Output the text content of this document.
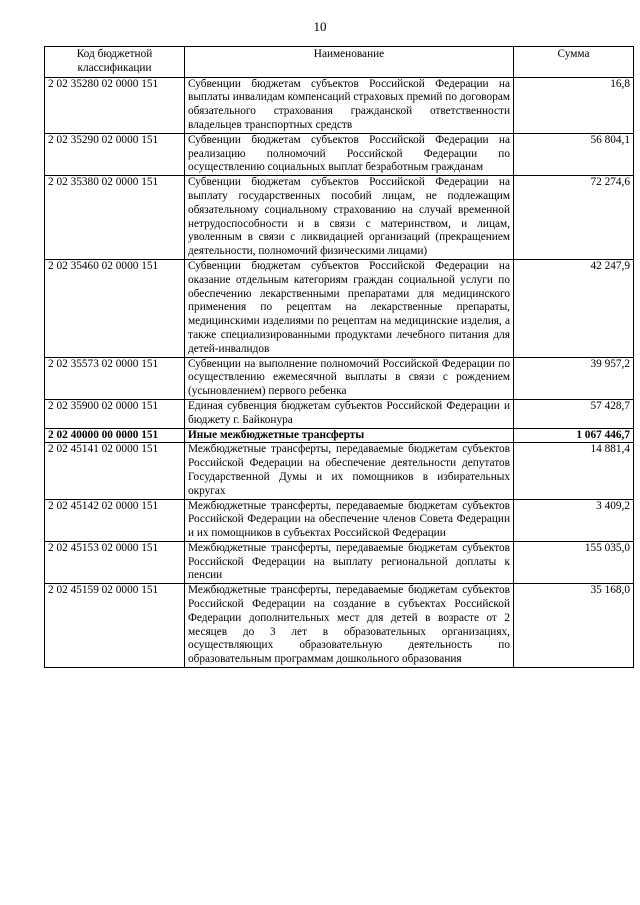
10
Код бюджетной классификации	Наименование	Сумма
2 02 35280 02 0000 151	Субвенции бюджетам субъектов Российской Федерации на выплаты инвалидам компенсаций страховых премий по договорам обязательного страхования гражданской ответственности владельцев транспортных средств	16,8
2 02 35290 02 0000 151	Субвенции бюджетам субъектов Российской Федерации на реализацию полномочий Российской Федерации по осуществлению социальных выплат безработным гражданам	56 804,1
2 02 35380 02 0000 151	Субвенции бюджетам субъектов Российской Федерации на выплату государственных пособий лицам, не подлежащим обязательному социальному страхованию на случай временной нетрудоспособности и в связи с материнством, и лицам, уволенным в связи с ликвидацией организаций (прекращением деятельности, полномочий физическими лицами)	72 274,6
2 02 35460 02 0000 151	Субвенции бюджетам субъектов Российской Федерации на оказание отдельным категориям граждан социальной услуги по обеспечению лекарственными препаратами для медицинского применения по рецептам на лекарственные препараты, медицинскими изделиями по рецептам на медицинские изделия, а также специализированными продуктами лечебного питания для детей-инвалидов	42 247,9
2 02 35573 02 0000 151	Субвенции на выполнение полномочий Российской Федерации по осуществлению ежемесячной выплаты в связи с рождением (усыновлением) первого ребенка	39 957,2
2 02 35900 02 0000 151	Единая субвенция бюджетам субъектов Российской Федерации и бюджету г. Байконура	57 428,7
2 02 40000 00 0000 151	Иные межбюджетные трансферты	1 067 446,7
2 02 45141 02 0000 151	Межбюджетные трансферты, передаваемые бюджетам субъектов Российской Федерации на обеспечение деятельности депутатов Государственной Думы и их помощников в избирательных округах	14 881,4
2 02 45142 02 0000 151	Межбюджетные трансферты, передаваемые бюджетам субъектов Российской Федерации на обеспечение членов Совета Федерации и их помощников в субъектах Российской Федерации	3 409,2
2 02 45153 02 0000 151	Межбюджетные трансферты, передаваемые бюджетам субъектов Российской Федерации на выплату региональной доплаты к пенсии	155 035,0
2 02 45159 02 0000 151	Межбюджетные трансферты, передаваемые бюджетам субъектов Российской Федерации на создание в субъектах Российской Федерации дополнительных мест для детей в возрасте от 2 месяцев до 3 лет в образовательных организациях, осуществляющих образовательную деятельность по образовательным программам дошкольного образования	35 168,0
